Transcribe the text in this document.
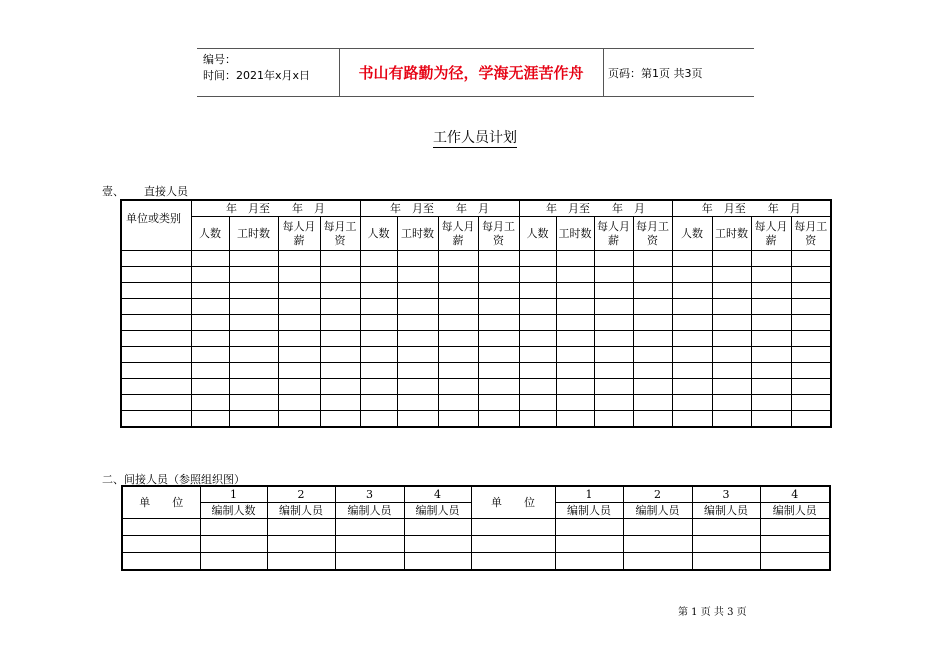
编号：
时间：2021年x月x日	书山有路勤为径，学海无涯苦作舟	页码：第1页 共3页
工作人员计划
壹、 直接人员
单位或类别	年　月至　　年　月				年　月至　　年　月				年　月至　　年　月				年　月至　　年　月			
	人数	工时数	每人月薪	每月工资	人数	工时数	每人月薪	每月工资	人数	工时数	每人月薪	每月工资	人数	工时数	每人月薪	每月工资

二、间接人员（参照组织图）
单　　位	1	2	3	4	单　　位	1	2	3	4
	编制人数	编制人员	编制人员	编制人员		编制人员	编制人员	编制人员	编制人员

第 1 页 共 3 页
